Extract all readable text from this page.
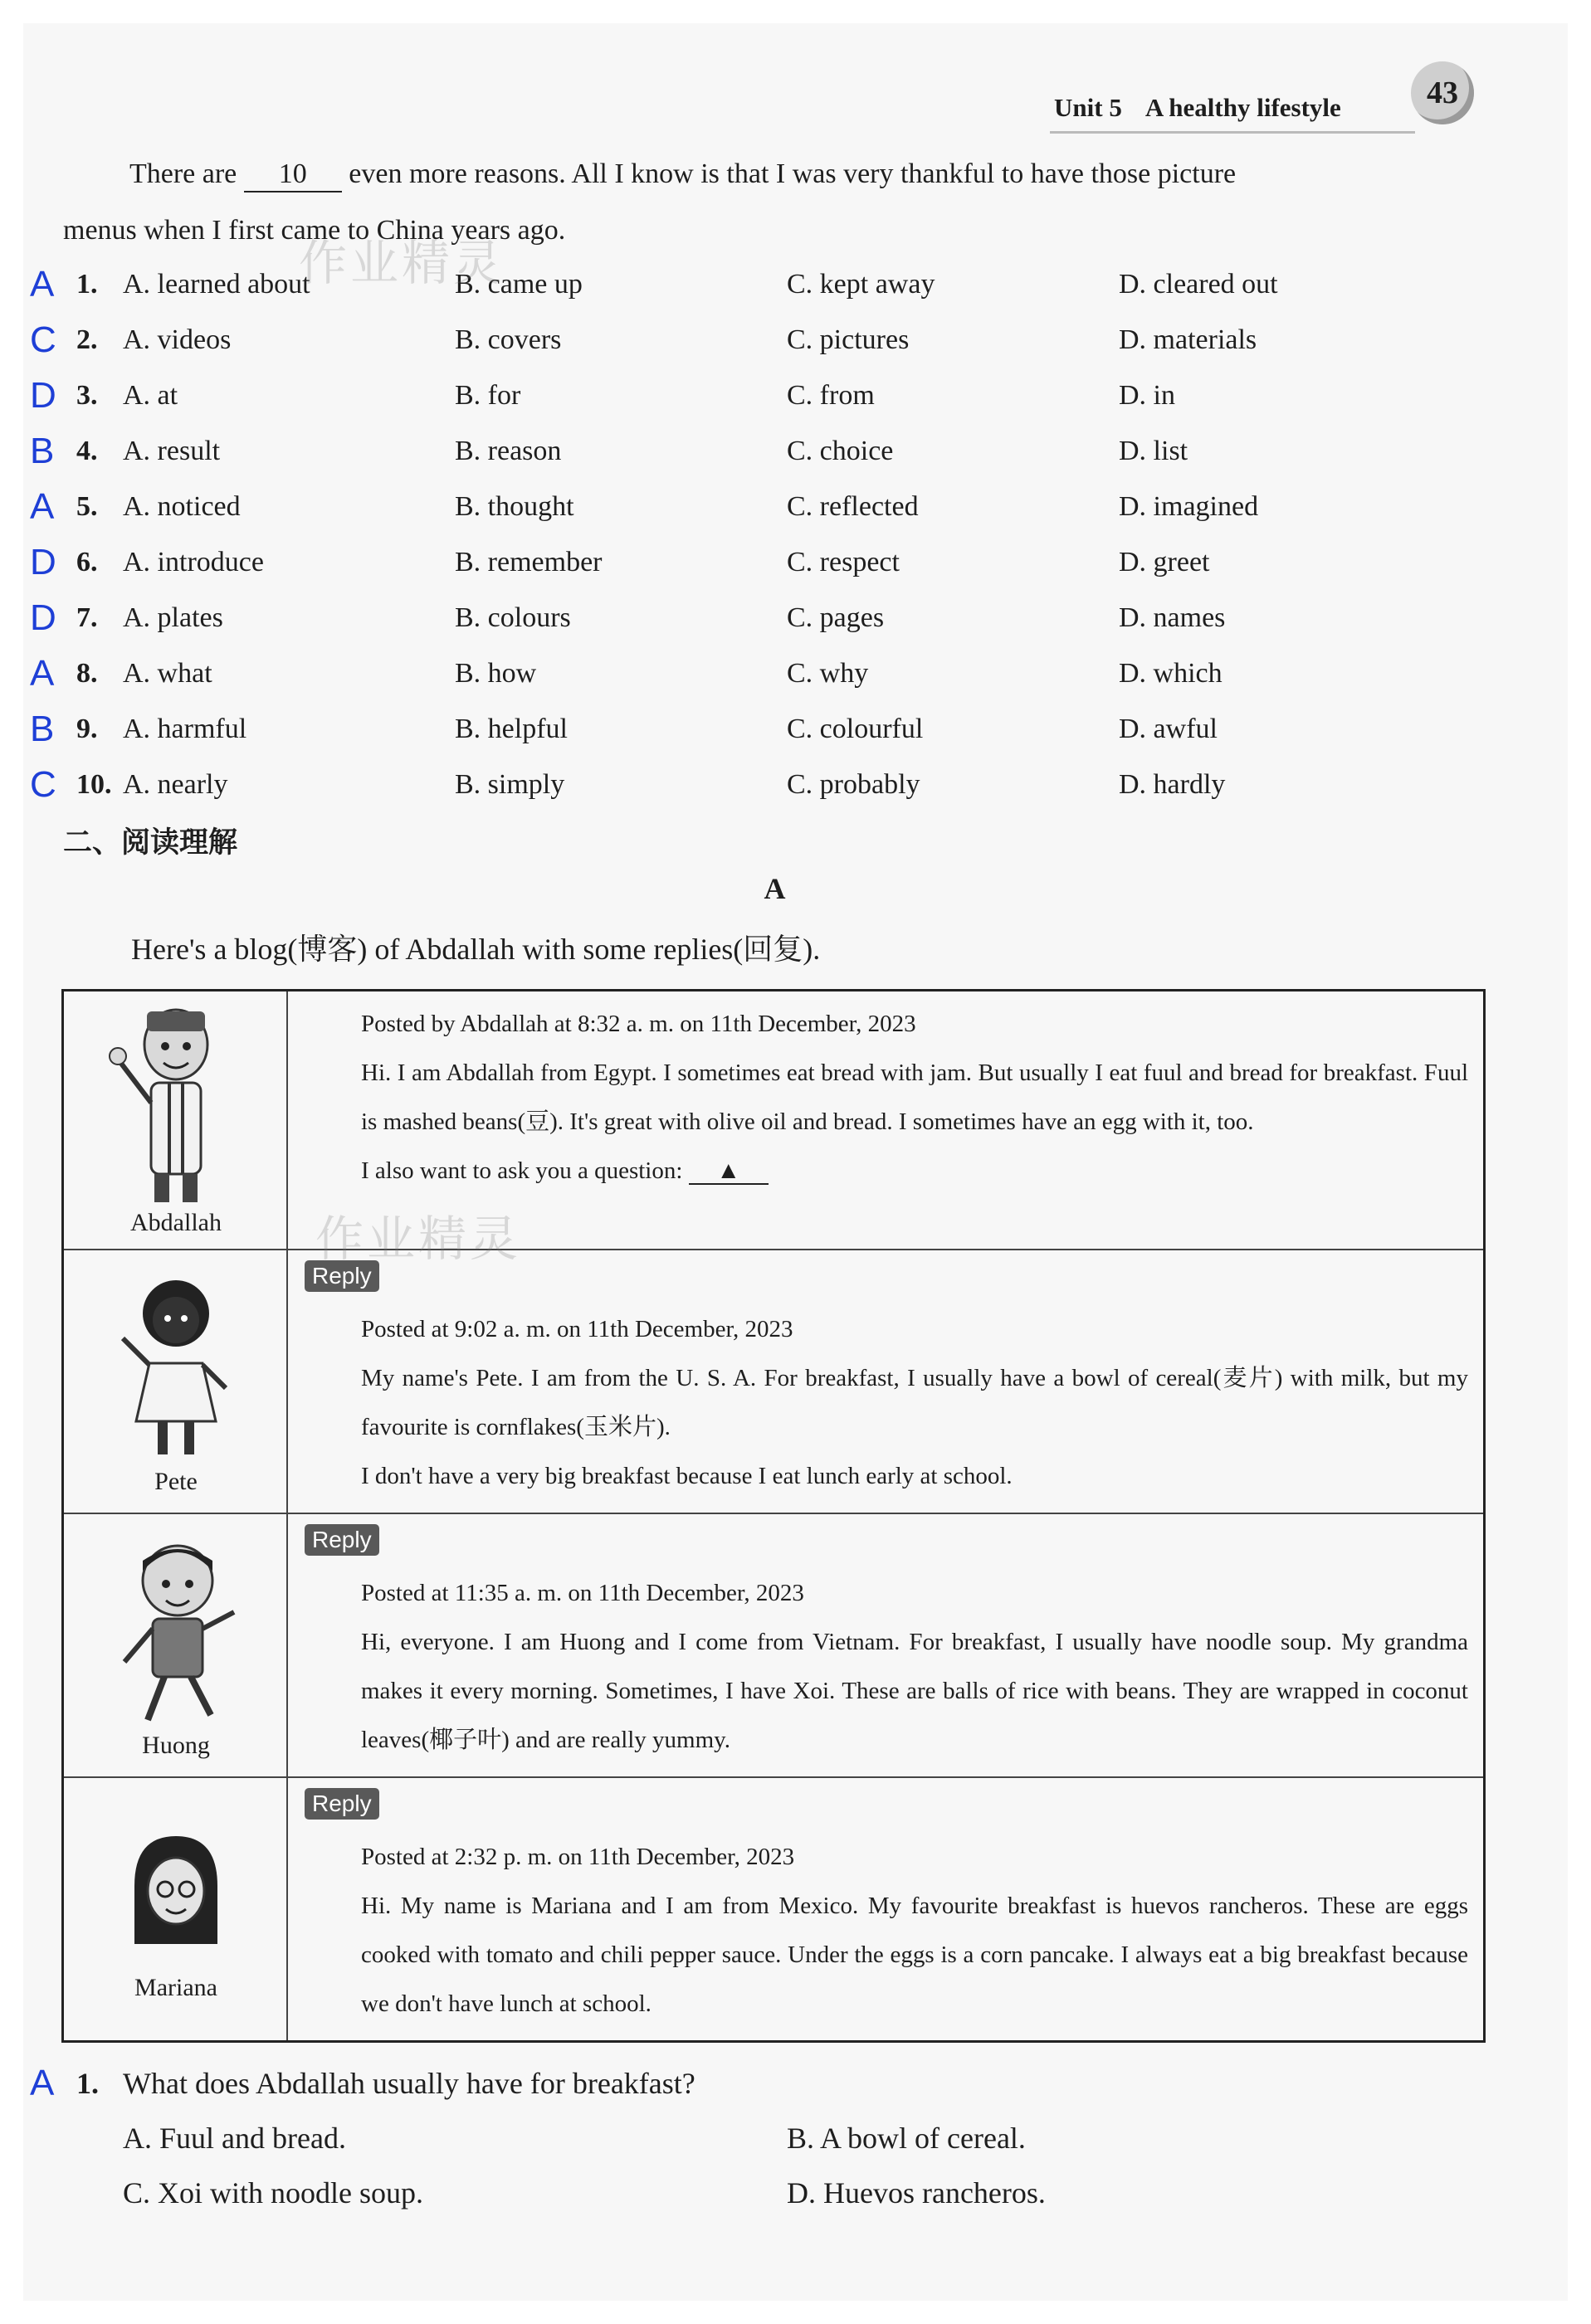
Unit 5 A healthy lifestyle	43
There are 10 even more reasons. All I know is that I was very thankful to have those picture
menus when I first came to China years ago.
A 1. A. learned about	B. came up	C. kept away	D. cleared out
C 2. A. videos	B. covers	C. pictures	D. materials
D 3. A. at	B. for	C. from	D. in
B 4. A. result	B. reason	C. choice	D. list
A 5. A. noticed	B. thought	C. reflected	D. imagined
D 6. A. introduce	B. remember	C. respect	D. greet
D 7. A. plates	B. colours	C. pages	D. names
A 8. A. what	B. how	C. why	D. which
B 9. A. harmful	B. helpful	C. colourful	D. awful
C 10. A. nearly	B. simply	C. probably	D. hardly
二、阅读理解
A
Here's a blog(博客) of Abdallah with some replies(回复).
Abdallah
Posted by Abdallah at 8:32 a. m. on 11th December, 2023
Hi. I am Abdallah from Egypt. I sometimes eat bread with jam. But usually I eat fuul and bread for breakfast. Fuul is mashed beans(豆). It's great with olive oil and bread. I sometimes have an egg with it, too.
I also want to ask you a question: ▲
Pete
Reply
Posted at 9:02 a. m. on 11th December, 2023
My name's Pete. I am from the U. S. A. For breakfast, I usually have a bowl of cereal(麦片) with milk, but my favourite is cornflakes(玉米片).
I don't have a very big breakfast because I eat lunch early at school.
Huong
Reply
Posted at 11:35 a. m. on 11th December, 2023
Hi, everyone. I am Huong and I come from Vietnam. For breakfast, I usually have noodle soup. My grandma makes it every morning. Sometimes, I have Xoi. These are balls of rice with beans. They are wrapped in coconut leaves(椰子叶) and are really yummy.
Mariana
Reply
Posted at 2:32 p. m. on 11th December, 2023
Hi. My name is Mariana and I am from Mexico. My favourite breakfast is huevos rancheros. These are eggs cooked with tomato and chili pepper sauce. Under the eggs is a corn pancake. I always eat a big breakfast because we don't have lunch at school.
A 1. What does Abdallah usually have for breakfast?
A. Fuul and bread.	B. A bowl of cereal.
C. Xoi with noodle soup.	D. Huevos rancheros.
作业精灵
作业精灵
